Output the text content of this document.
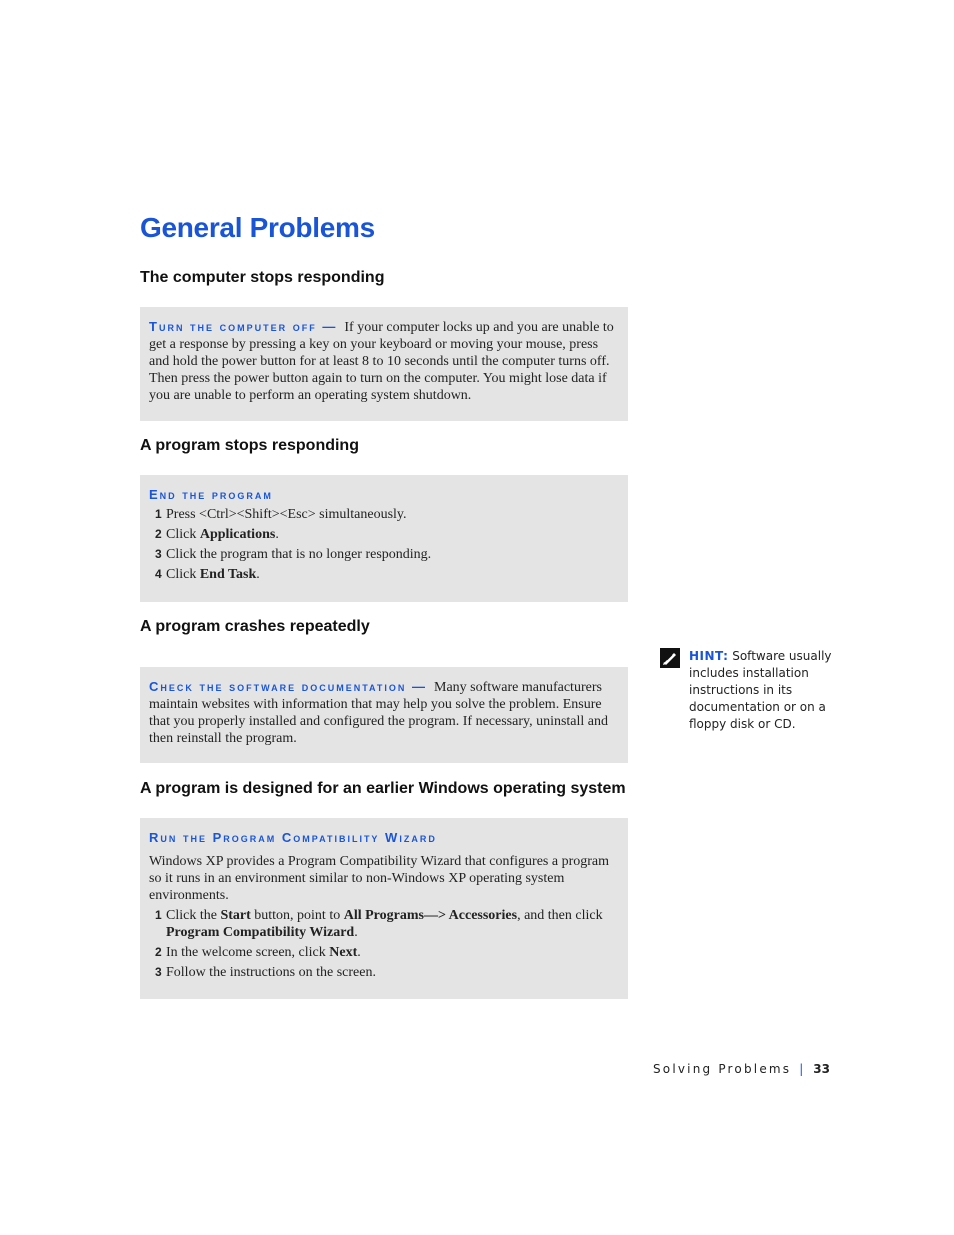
General Problems
The computer stops responding

Turn the computer off — If your computer locks up and you are unable to get a response by pressing a key on your keyboard or moving your mouse, press and hold the power button for at least 8 to 10 seconds until the computer turns off. Then press the power button again to turn on the computer. You might lose data if you are unable to perform an operating system shutdown.

A program stops responding
End the program
1 Press <Ctrl><Shift><Esc> simultaneously.
2 Click Applications.
3 Click the program that is no longer responding.
4 Click End Task.
A program crashes repeatedly

Check the software documentation — Many software manufacturers maintain websites with information that may help you solve the problem. Ensure that you properly installed and configured the program. If necessary, uninstall and then reinstall the program.

HINT: Software usually includes installation instructions in its documentation or on a floppy disk or CD.
A program is designed for an earlier Windows operating system
Run the Program Compatibility Wizard

Windows XP provides a Program Compatibility Wizard that configures a program so it runs in an environment similar to non-Windows XP operating system environments.

1 Click the Start button, point to All Programs—> Accessories, and then click Program Compatibility Wizard.
2 In the welcome screen, click Next.
3 Follow the instructions on the screen.
Solving Problems | 33
